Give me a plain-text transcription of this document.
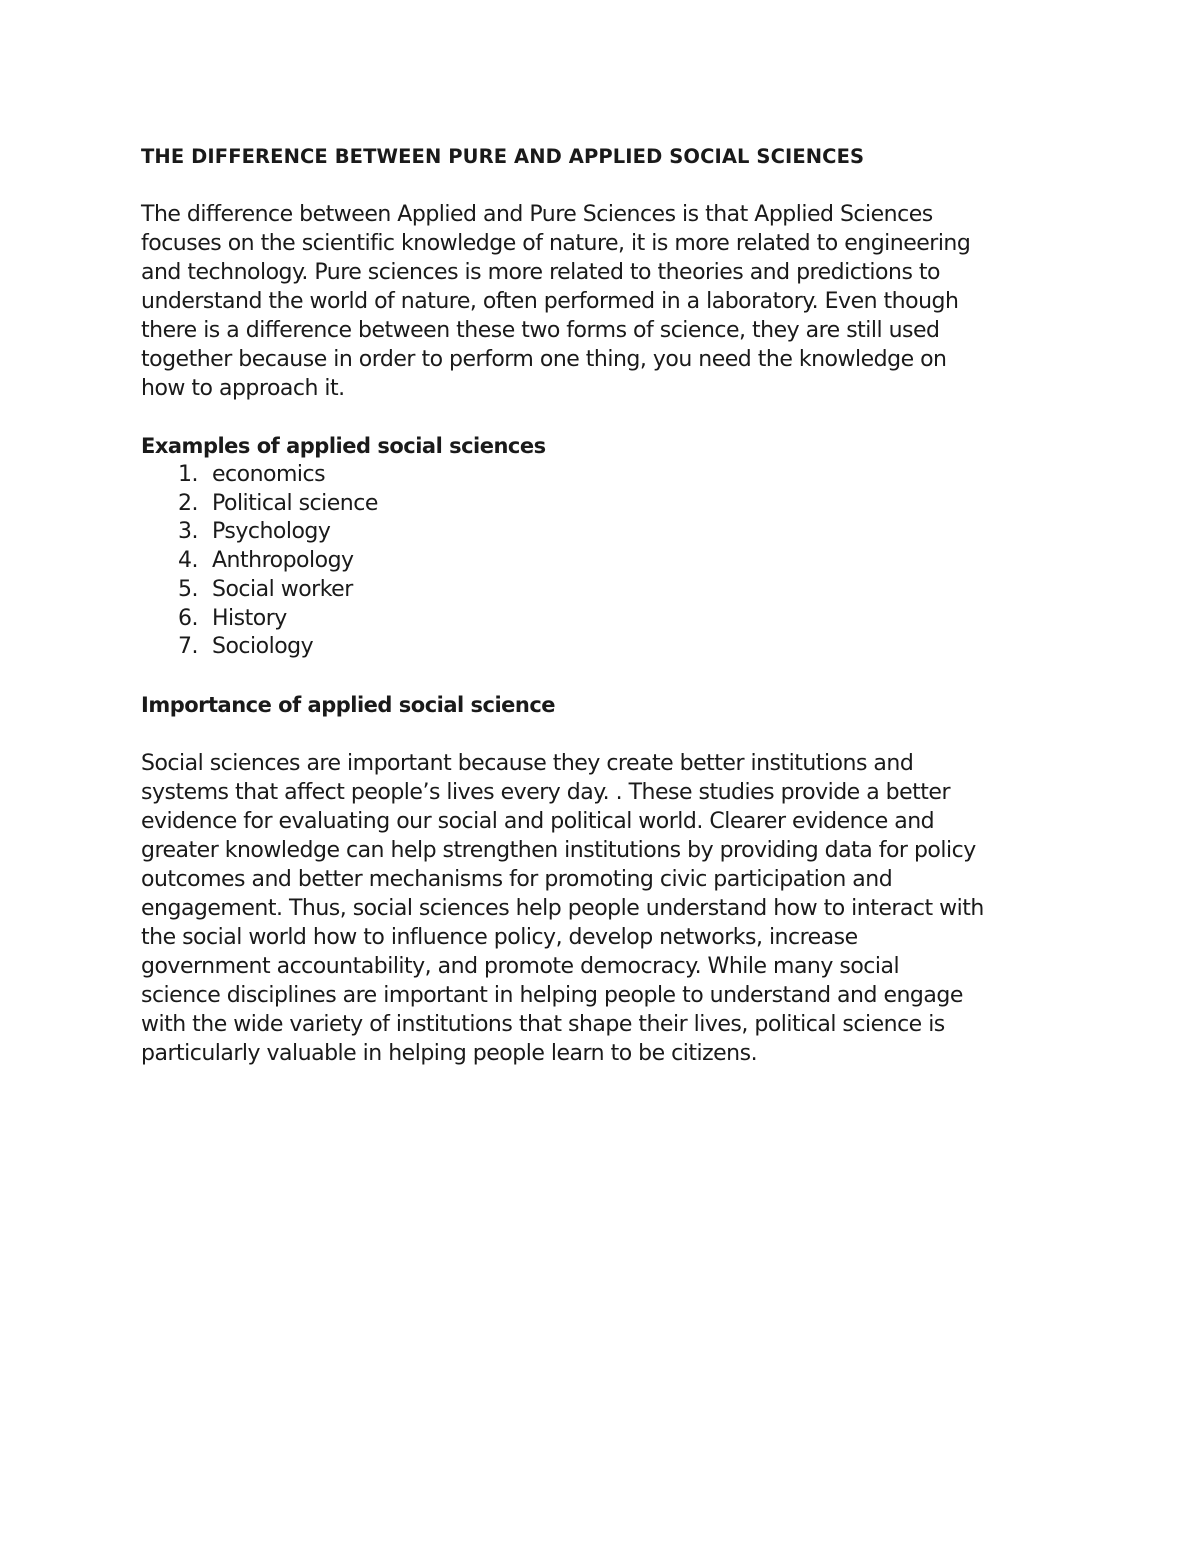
THE DIFFERENCE BETWEEN PURE AND APPLIED SOCIAL SCIENCES

The difference between Applied and Pure Sciences is that Applied Sciences
focuses on the scientific knowledge of nature, it is more related to engineering
and technology. Pure sciences is more related to theories and predictions to
understand the world of nature, often performed in a laboratory. Even though
there is a difference between these two forms of science, they are still used
together because in order to perform one thing, you need the knowledge on
how to approach it.

Examples of applied social sciences
1. economics
2. Political science
3. Psychology
4. Anthropology
5. Social worker
6. History
7. Sociology
Importance of applied social science

Social sciences are important because they create better institutions and
systems that affect people’s lives every day. . These studies provide a better
evidence for evaluating our social and political world. Clearer evidence and
greater knowledge can help strengthen institutions by providing data for policy
outcomes and better mechanisms for promoting civic participation and
engagement. Thus, social sciences help people understand how to interact with
the social world how to influence policy, develop networks, increase
government accountability, and promote democracy. While many social
science disciplines are important in helping people to understand and engage
with the wide variety of institutions that shape their lives, political science is
particularly valuable in helping people learn to be citizens.
